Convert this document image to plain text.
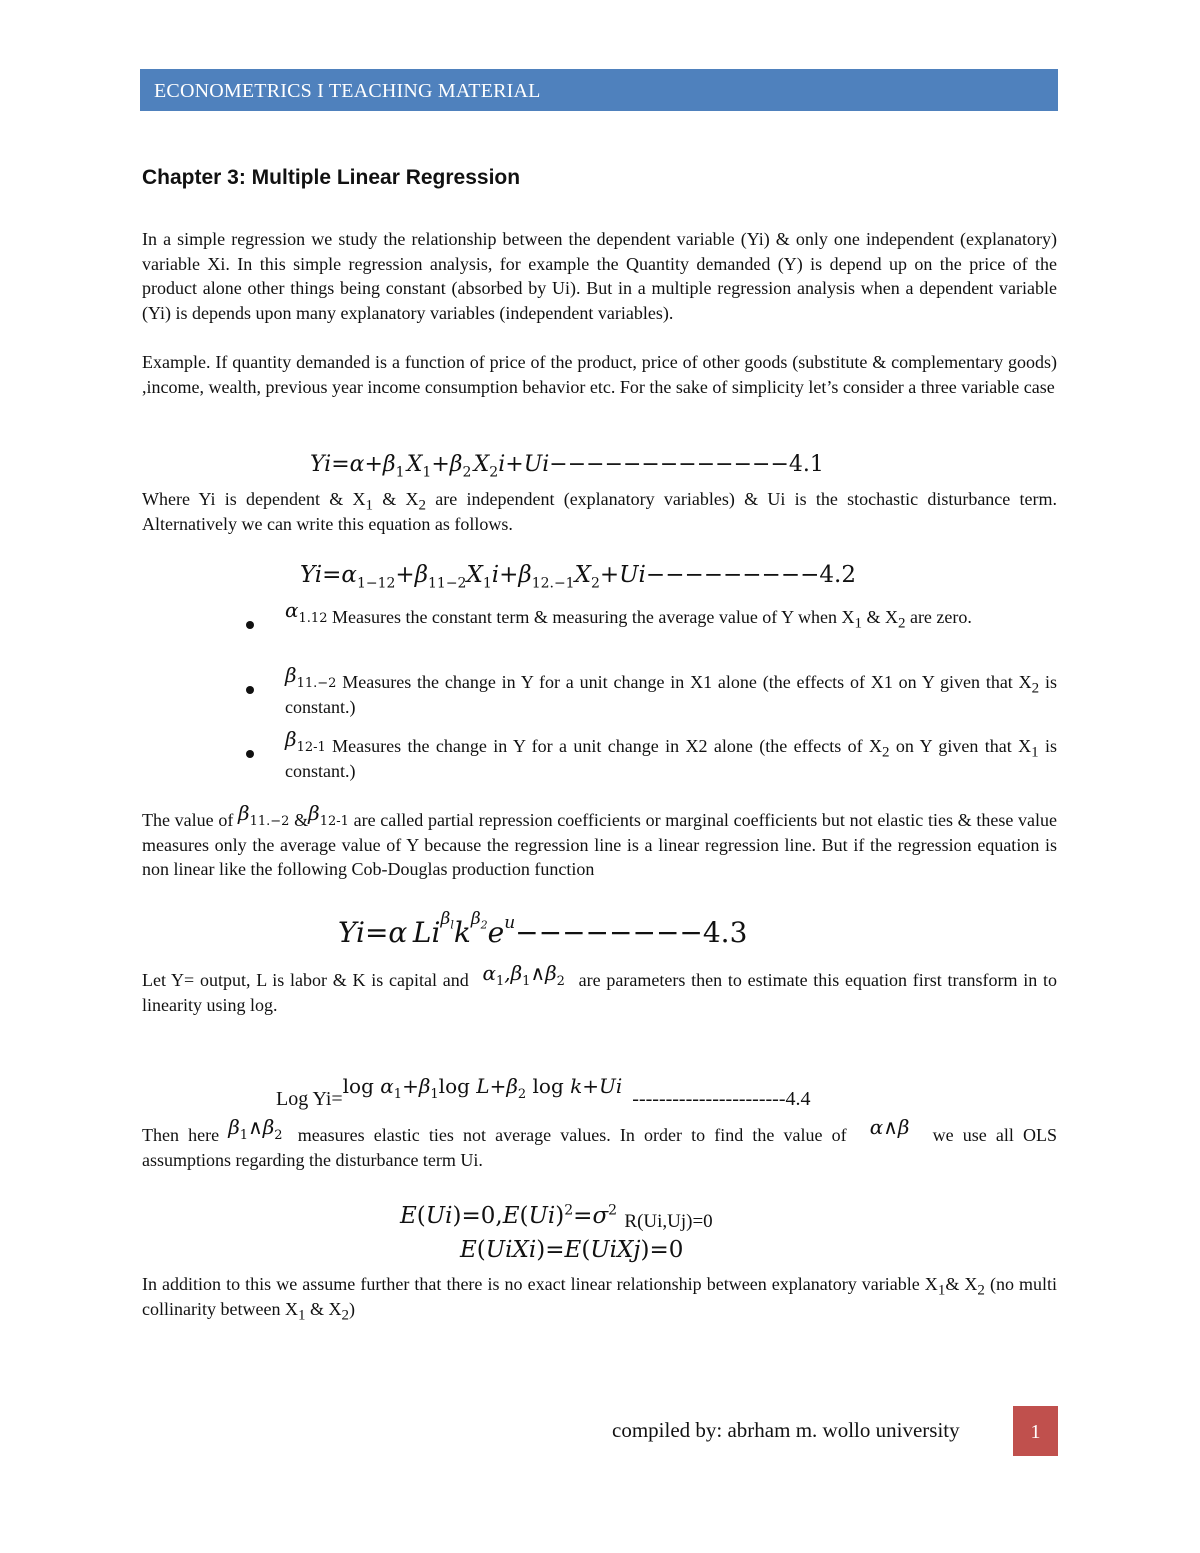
ECONOMETRICS I TEACHING MATERIAL
Chapter 3: Multiple Linear Regression

In a simple regression we study the relationship between the dependent variable (Yi) & only one independent (explanatory) variable Xi. In this simple regression analysis, for example the Quantity demanded (Y) is depend up on the price of the product alone other things being constant (absorbed by Ui). But in a multiple regression analysis when a dependent variable (Yi) is depends upon many explanatory variables (independent variables).

Example. If quantity demanded is a function of price of the product, price of other goods (substitute & complementary goods) ,income, wealth, previous year income consumption behavior etc. For the sake of simplicity let’s consider a three variable case

$Yi=\alpha+\beta_1$ $X_1+\beta_2$ $X_2i+Ui-------------4.1$

Where Yi is dependent & $X_1$ & $X_2$ are independent (explanatory variables) & Ui is the stochastic disturbance term. Alternatively we can write this equation as follows.

$Yi=\alpha_{1-12}+\beta_{11-2}X_1i+\beta_{12.-1}X_2+Ui---------4.2$

$\alpha_{1.12}$ Measures the constant term & measuring the average value of Y when $X_1$ & $X_2$ are zero.

$\beta_{11.-2}$ Measures the change in Y for a unit change in X1 alone (the effects of X1 on Y given that $X_2$ is constant.)

$\beta_{12-1}$ Measures the change in Y for a unit change in X2 alone (the effects of $X_2$ on Y given that $X_1$ is constant.)

The value of $\beta_{11.-2}$ $\&\beta_{12-1}$ are called partial repression coefficients or marginal coefficients but not elastic ties & these value measures only the average value of Y because the regression line is a linear regression line. But if the regression equation is non linear like the following Cob-Douglas production function

Yi=α $Li^{\beta_l}k^{\beta_2}e^u--------4.3$

Let Y= output, L is labor & K is capital and $\alpha_1,\beta_1\wedge\beta_2$ are parameters then to estimate this equation first transform in to linearity using log.

Log Yi=log $\alpha_1+\beta_1\log$ $L+\beta_2$ log k+Ui  -----------------------4.4

Then here $\beta_1\wedge\beta_2$ measures elastic ties not average values. In order to find the value of α∧β we use all OLS assumptions regarding the disturbance term Ui.

$E(Ui)=0,E(Ui)^2=\sigma^2$ R(Ui,Uj)=0
E(UiXi)=E(UiXj)=0

In addition to this we assume further that there is no exact linear relationship between explanatory variable $X_1\&$ $X_2$ (no multi collinarity between $X_1$ & $X_2$)

compiled by: abrham m. wollo university	1
